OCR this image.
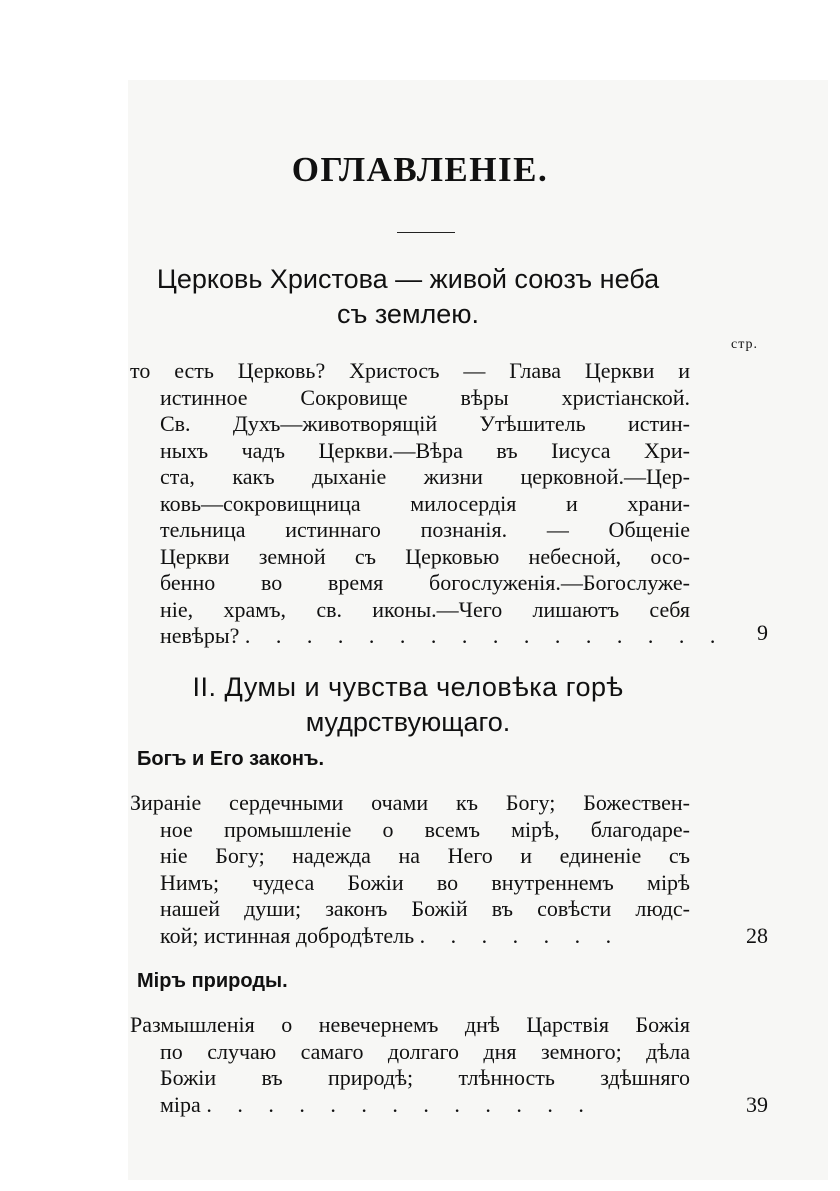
ОГЛАВЛЕНІЕ.
Церковь Христова — живой союзъ неба
съ землею.
стр.
то есть Церковь? Христосъ — Глава Церкви и
истинное Сокровище вѣры христіанской.
Св. Духъ—животворящій Утѣшитель истин-
ныхъ чадъ Церкви.—Вѣра въ Іисуса Хри-
ста, какъ дыханіе жизни церковной.—Цер-
ковь—сокровищница милосердія и храни-
тельница истиннаго познанія. — Общеніе
Церкви земной съ Церковью небесной, осо-
бенно во время богослуженія.—Богослуже-
ніе, храмъ, св. иконы.—Чего лишаютъ себя
невѣры? . . . . . . . . . . . . . . . .	9
II. Думы и чувства человѣка горѣ
мудрствующаго.
Богъ и Его законъ.
Зираніе сердечными очами къ Богу; Божествен-
ное промышленіе о всемъ мірѣ, благодаре-
ніе Богу; надежда на Него и единеніе съ
Нимъ; чудеса Божіи во внутреннемъ мірѣ
нашей души; законъ Божій въ совѣсти людс-
кой; истинная добродѣтель . . . . . . .	28
Міръ природы.
Размышленія о невечернемъ днѣ Царствія Божія
по случаю самаго долгаго дня земного; дѣла
Божіи въ природѣ; тлѣнность здѣшняго
міра . . . . . . . . . . . . .	39
